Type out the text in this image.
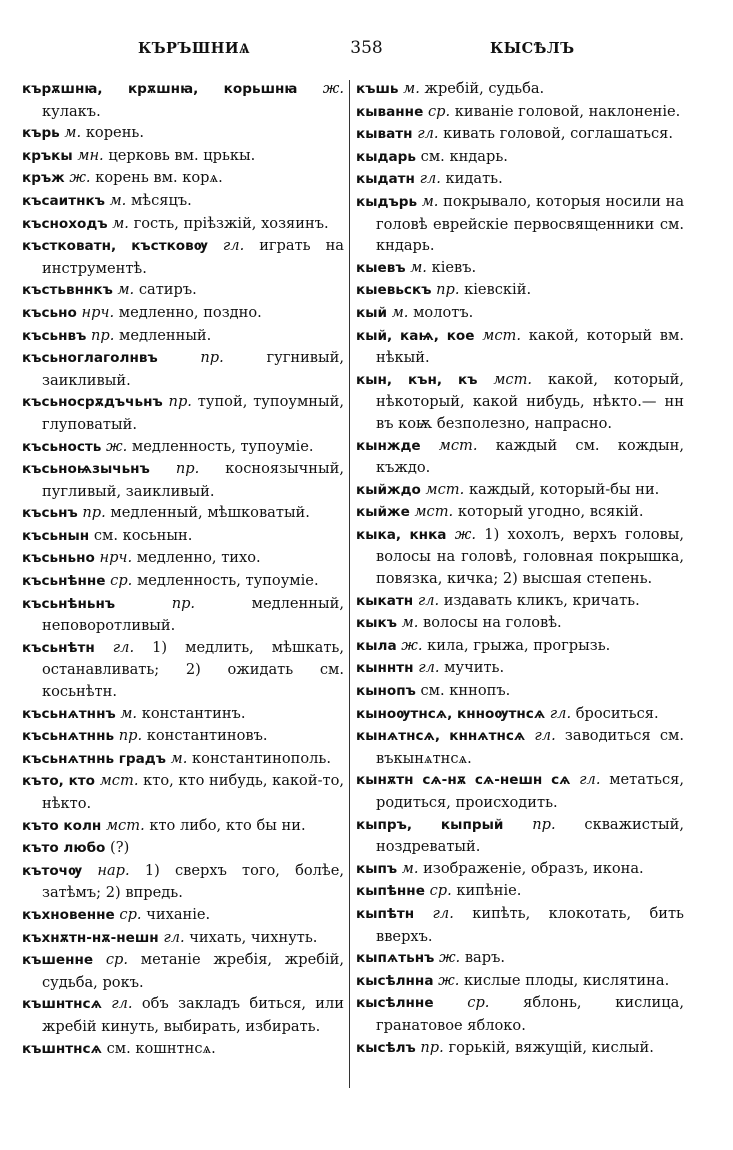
358
КЪРЪШНИѦ	КЫСѢЛЪ

кърѫшнꙗ, крѫшнꙗ, корьшнꙗ ж. кулакъ.

кърь м. корень.

кръкы мн. церковь вм. црькы.

кръж ж. корень вм. корѧ.

късаитнкъ м. мѣсяцъ.

късноходъ м. гость, пріѣзжій, хозяинъ.

къстковатн, къстковѹ гл. играть на инструментѣ.

къстьвннкъ м. сатиръ.

късьно нрч. медленно, поздно.

късьнвъ пр. медленный.

късьноглаголнвъ	пр.	гугнивый, заикливый.

късьносрѫдъчьнъ пр. тупой, тупоумный, глуповатый.

късьность ж. медленность, тупоуміе.

късьноѩзычьнъ пр. косноязычный, пугливый, заикливый.

късьнъ пр. медленный, мѣшковатый.

късьнын см. косьнын.

късьньно нрч. медленно, тихо.

късьнѣнне ср. медленность, тупоуміе.

късьнѣньнъ	пр.	медленный, неповоротливый.

късьнѣтн гл. 1) медлить, мѣшкать, останавливать; 2) ожидать см. косьнѣтн.

късьнѧтннъ м. константинъ.

късьнѧтннь пр. константиновъ.

късьнѧтннь градъ м. константинополь.

къто, кто мст. кто, кто нибудь, какой-то, нѣкто.

къто колн мст. кто либо, кто бы ни.

къто любо (?)

къточѹ нар. 1) сверхъ того, болѣе, затѣмъ; 2) впредь.

къхновенне ср. чиханіе.

къхнѫтн-нѫ-нешн гл. чихать, чихнуть.

къшенне ср. метаніе жребія, жребій, судьба, рокъ.

къшнтнсѧ гл. объ закладъ биться, или жребій кинуть, выбирать, избирать.

къшнтнсѧ см. кошнтнсѧ.

къшь м. жребій, судьба.

кыванне ср. киваніе головой, наклоненіе.

кыватн гл. кивать головой, соглашаться.

кыдарь см. кндарь.

кыдатн гл. кидать.

кыдърь м. покрывало, которыя носили на головѣ еврейскіе первосвященники см. кндарь.

кыевъ м. кіевъ.

кыевьскъ пр. кіевскій.

кый м. молотъ.

кый, каѩ, кое мст. какой, который вм. нѣкый.

кын, кън, къ мст. какой, который, нѣкоторый, какой нибудь, нѣкто.— нн въ коѭ безполезно, напрасно.

кынжде мст. каждый см. кождын, къждо.

кыйждо мст. каждый, который-бы ни.

кыйже мст. который угодно, всякій.

кыка, кнка ж. 1) хохолъ, верхъ головы, волосы на головѣ, головная покрышка, повязка, кичка; 2) высшая степень.

кыкатн гл. издавать кликъ, кричать.

кыкъ м. волосы на головѣ.

кыла ж. кила, грыжа, прогрызь.

кыннтн гл. мучить.

кынопъ см. кннопъ.

кыноѹтнсѧ, кнноѹтнсѧ гл. броситься.

кынѧтнсѧ, кннѧтнсѧ гл. заводиться см. въкынѧтнсѧ.

кынѫтн сѧ-нѫ сѧ-нешн сѧ гл. метаться, родиться, происходить.

кыпръ, кыпрый пр. скважистый, ноздреватый.

кыпъ м. изображеніе, образъ, икона.

кыпѣнне ср. кипѣніе.

кыпѣтн гл. кипѣть, клокотать, бить вверхъ.

кыпѧтьнъ ж. варъ.

кысѣлнна ж. кислые плоды, кислятина.

кысѣлнне ср. яблонь, кислица, гранатовое яблоко.

кысѣлъ пр. горькій, вяжущій, кислый.
